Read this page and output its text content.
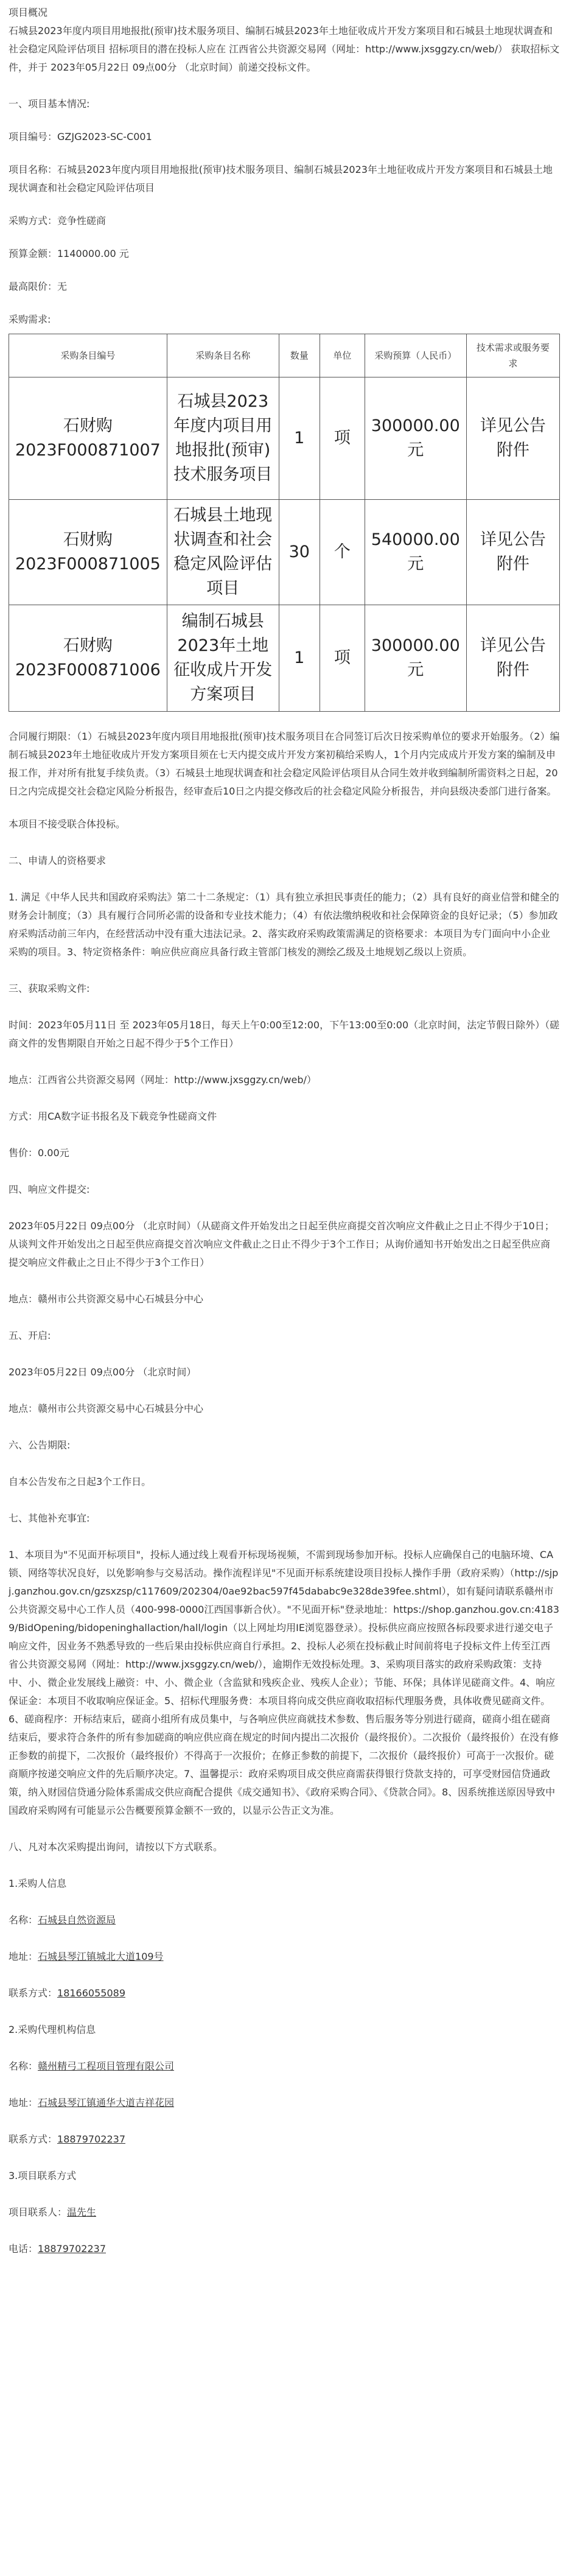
项目概况

石城县2023年度内项目用地报批(预审)技术服务项目、编制石城县2023年土地征收成片开发方案项目和石城县土地现状调查和社会稳定风险评估项目 招标项目的潜在投标人应在 江西省公共资源交易网（网址：http://www.jxsggzy.cn/web/） 获取招标文件，并于 2023年05月22日 09点00分 （北京时间）前递交投标文件。

一、项目基本情况:

项目编号：GZJG2023-SC-C001

项目名称：石城县2023年度内项目用地报批(预审)技术服务项目、编制石城县2023年土地征收成片开发方案项目和石城县土地现状调查和社会稳定风险评估项目

采购方式：竞争性磋商

预算金额：1140000.00 元

最高限价：无

采购需求:

采购条目编号	采购条目名称	数量	单位	采购预算（人民币）	技术需求或服务要求
石财购2023F000871007	石城县2023年度内项目用地报批(预审)技术服务项目	1	项	300000.00元	详见公告附件
石财购2023F000871005	石城县土地现状调查和社会稳定风险评估项目	30	个	540000.00元	详见公告附件
石财购2023F000871006	编制石城县2023年土地征收成片开发方案项目	1	项	300000.00元	详见公告附件

合同履行期限：（1）石城县2023年度内项目用地报批(预审)技术服务项目在合同签订后次日按采购单位的要求开始服务。（2）编制石城县2023年土地征收成片开发方案项目须在七天内提交成片开发方案初稿给采购人，1个月内完成成片开发方案的编制及申报工作，并对所有批复手续负责。（3）石城县土地现状调查和社会稳定风险评估项目从合同生效并收到编制所需资料之日起，20日之内完成提交社会稳定风险分析报告，经审查后10日之内提交修改后的社会稳定风险分析报告，并向县级决委部门进行备案。

本项目不接受联合体投标。

二、申请人的资格要求

1. 满足《中华人民共和国政府采购法》第二十二条规定：（1）具有独立承担民事责任的能力；（2）具有良好的商业信誉和健全的财务会计制度；（3）具有履行合同所必需的设备和专业技术能力；（4）有依法缴纳税收和社会保障资金的良好记录；（5）参加政府采购活动前三年内，在经营活动中没有重大违法记录。2、落实政府采购政策需满足的资格要求：本项目为专门面向中小企业采购的项目。3、特定资格条件：响应供应商应具备行政主管部门核发的测绘乙级及土地规划乙级以上资质。

三、获取采购文件:

时间：2023年05月11日 至 2023年05月18日，每天上午0:00至12:00，下午13:00至0:00（北京时间，法定节假日除外）（磋商文件的发售期限自开始之日起不得少于5个工作日）

地点：江西省公共资源交易网（网址：http://www.jxsggzy.cn/web/）

方式：用CA数字证书报名及下载竞争性磋商文件

售价：0.00元

四、响应文件提交:

2023年05月22日 09点00分 （北京时间）（从磋商文件开始发出之日起至供应商提交首次响应文件截止之日止不得少于10日；从谈判文件开始发出之日起至供应商提交首次响应文件截止之日止不得少于3个工作日；从询价通知书开始发出之日起至供应商提交响应文件截止之日止不得少于3个工作日）

地点：赣州市公共资源交易中心石城县分中心

五、开启:

2023年05月22日 09点00分 （北京时间）

地点：赣州市公共资源交易中心石城县分中心

六、公告期限:

自本公告发布之日起3个工作日。

七、其他补充事宜:

1、本项目为"不见面开标项目"，投标人通过线上观看开标现场视频，不需到现场参加开标。投标人应确保自己的电脑环境、CA锁、网络等状况良好，以免影响参与交易活动。操作流程详见"不见面开标系统建设项目投标人操作手册（政府采购）（http://sjpj.ganzhou.gov.cn/gzsxzsp/c117609/202304/0ae92bac597f45dababc9e328de39fee.shtml），如有疑问请联系赣州市公共资源交易中心工作人员（400-998-0000江西国事新合伙）。"不见面开标"登录地址：https://shop.ganzhou.gov.cn:41839/BidOpening/bidopeninghallaction/hall/login（以上网址均用IE浏览器登录）。投标供应商应按照各标段要求进行递交电子响应文件，因业务不熟悉导致的一些后果由投标供应商自行承担。2、投标人必须在投标截止时间前将电子投标文件上传至江西省公共资源交易网（网址：http://www.jxsggzy.cn/web/），逾期作无效投标处理。3、采购项目落实的政府采购政策：支持中、小、微企业发展线上融资：中、小、微企业（含监狱和残疾企业、残疾人企业）；节能、环保；具体详见磋商文件。4、响应保证金：本项目不收取响应保证金。5、招标代理服务费：本项目将向成交供应商收取招标代理服务费，具体收费见磋商文件。6、磋商程序：开标结束后，磋商小组所有成员集中，与各响应供应商就技术参数、售后服务等分别进行磋商，磋商小组在磋商结束后，要求符合条件的所有参加磋商的响应供应商在规定的时间内提出二次报价（最终报价）。二次报价（最终报价）在没有修正参数的前提下，二次报价（最终报价）不得高于一次报价；在修正参数的前提下，二次报价（最终报价）可高于一次报价。磋商顺序按递交响应文件的先后顺序决定。7、温馨提示：政府采购项目成交供应商需获得银行贷款支持的，可享受财园信贷通政策，纳入财园信贷通分险体系需成交供应商配合提供《成交通知书》、《政府采购合同》、《贷款合同》。8、因系统推送原因导致中国政府采购网有可能显示公告概要预算金额不一致的，以显示公告正文为准。

八、凡对本次采购提出询问，请按以下方式联系。

1.采购人信息

名称：石城县自然资源局

地址：石城县琴江镇城北大道109号

联系方式：18166055089

2.采购代理机构信息

名称：赣州精弓工程项目管理有限公司

地址：石城县琴江镇通华大道吉祥花园

联系方式：18879702237

3.项目联系方式

项目联系人：温先生

电话：18879702237
